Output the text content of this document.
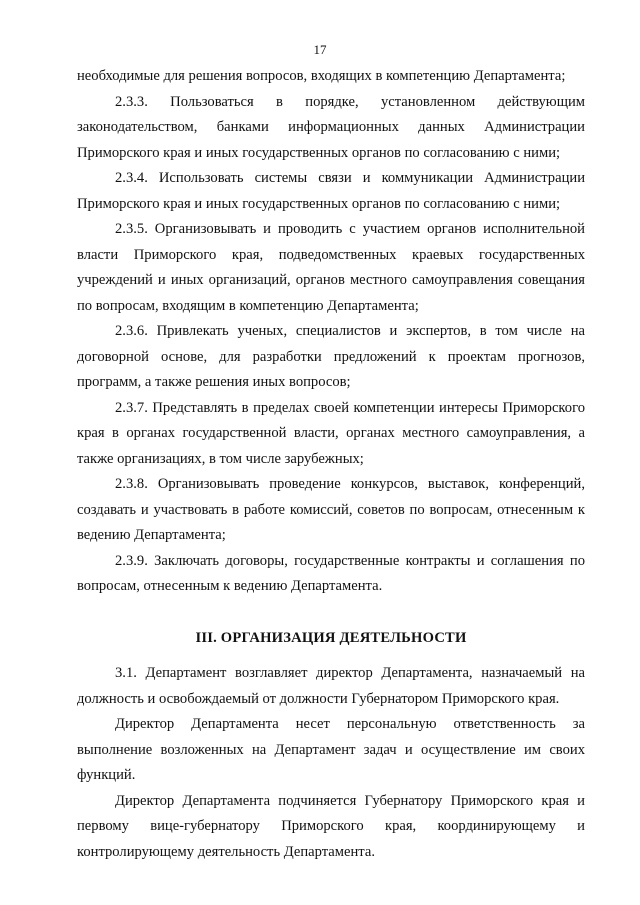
17

необходимые для решения вопросов, входящих в компетенцию Департамента;

2.3.3. Пользоваться в порядке, установленном действующим законодательством, банками информационных данных Администрации Приморского края и иных государственных органов по согласованию с ними;

2.3.4. Использовать системы связи и коммуникации Администрации Приморского края и иных государственных органов по согласованию с ними;

2.3.5. Организовывать и проводить с участием органов исполнительной власти Приморского края, подведомственных краевых государственных учреждений и иных организаций, органов местного самоуправления совещания по вопросам, входящим в компетенцию Департамента;

2.3.6. Привлекать ученых, специалистов и экспертов, в том числе на договорной основе, для разработки предложений к проектам прогнозов, программ, а также решения иных вопросов;

2.3.7. Представлять в пределах своей компетенции интересы Приморского края в органах государственной власти, органах местного самоуправления, а также организациях, в том числе зарубежных;

2.3.8. Организовывать проведение конкурсов, выставок, конференций, создавать и участвовать в работе комиссий, советов по вопросам, отнесенным к ведению Департамента;

2.3.9. Заключать договоры, государственные контракты и соглашения по вопросам, отнесенным к ведению Департамента.

III. ОРГАНИЗАЦИЯ ДЕЯТЕЛЬНОСТИ

3.1. Департамент возглавляет директор Департамента, назначаемый на должность и освобождаемый от должности Губернатором Приморского края.

Директор Департамента несет персональную ответственность за выполнение возложенных на Департамент задач и осуществление им своих функций.

Директор Департамента подчиняется Губернатору Приморского края и первому вице-губернатору Приморского края, координирующему и контролирующему деятельность Департамента.
